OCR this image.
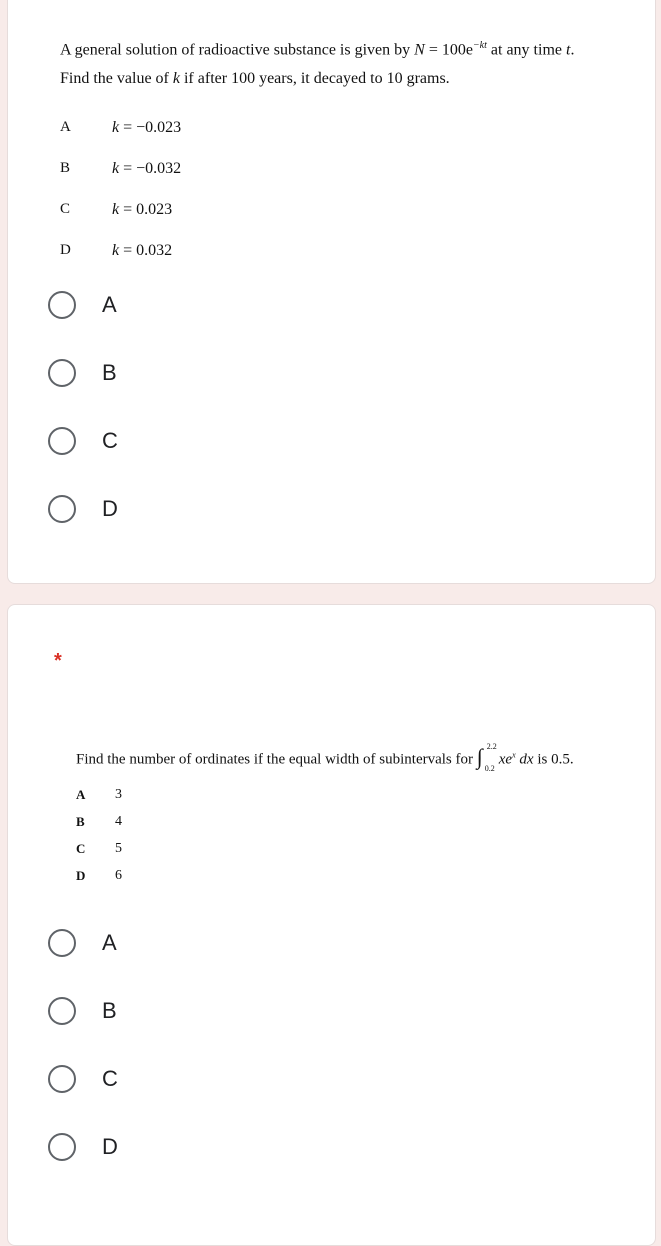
A general solution of radioactive substance is given by $N = 100e^{-kt}$ at any time t.
Find the value of k if after 100 years, it decayed to 10 grams.
A	k = −0.023
B	k = −0.032
C	k = 0.023
D	k = 0.032
A
B
C
D
*
Find the number of ordinates if the equal width of subintervals for ∫ 2.2
0.2
$xe^x$ dx is 0.5.
A 3
B 4
C 5
D 6
A
B
C
D
